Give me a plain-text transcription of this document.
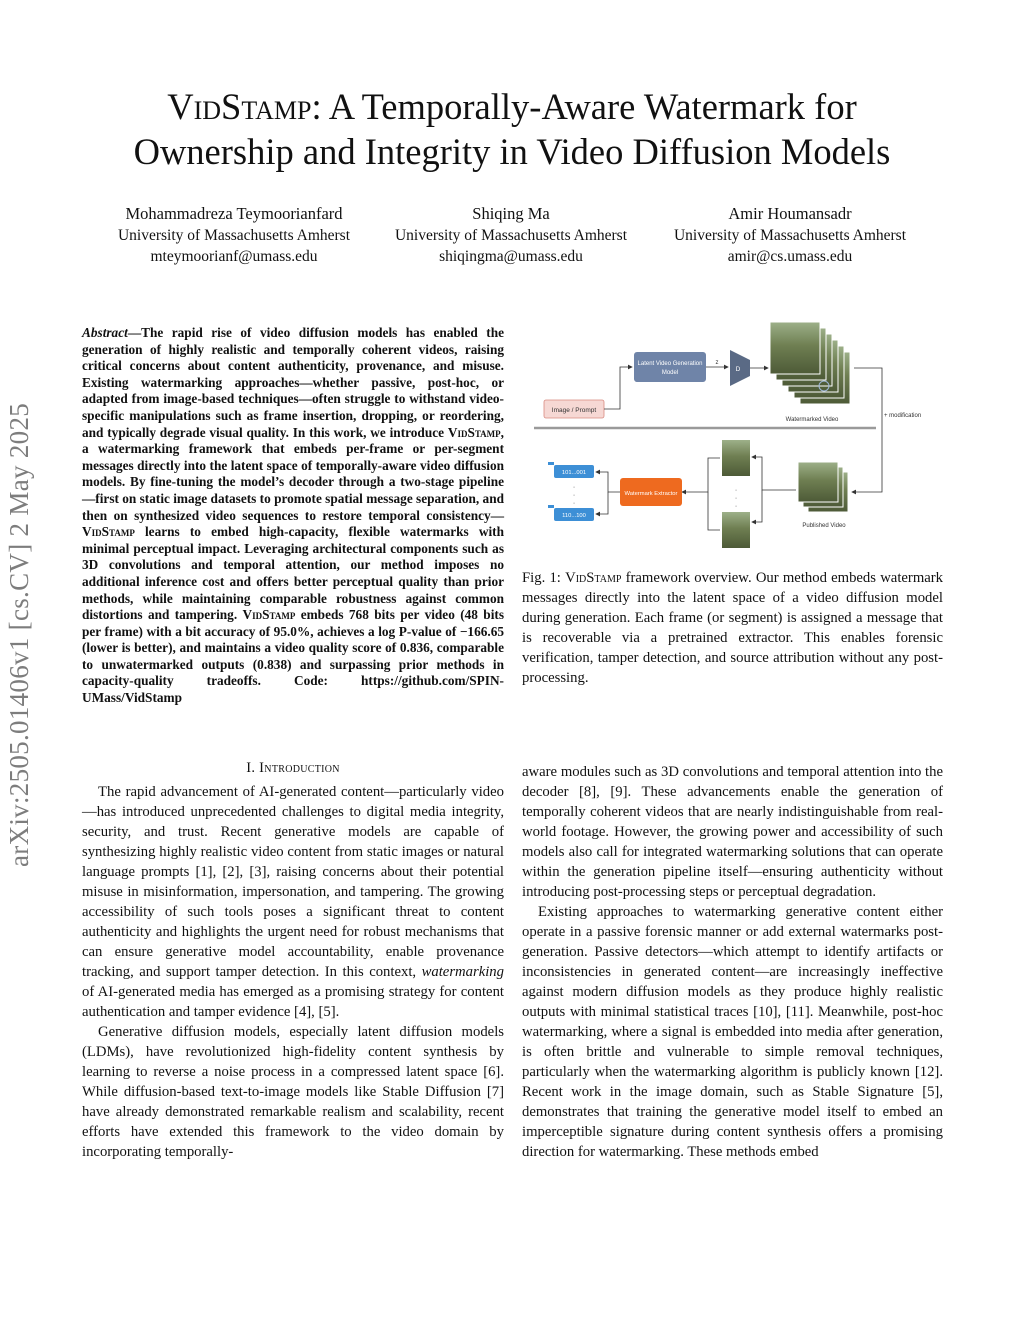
arXiv:2505.01406v1 [cs.CV] 2 May 2025
VidStamp: A Temporally-Aware Watermark for
Ownership and Integrity in Video Diffusion Models
Mohammadreza Teymoorianfard
University of Massachusetts Amherst
mteymoorianf@umass.edu
Shiqing Ma
University of Massachusetts Amherst
shiqingma@umass.edu
Amir Houmansadr
University of Massachusetts Amherst
amir@cs.umass.edu
Abstract—The rapid rise of video diffusion models has enabled the generation of highly realistic and temporally coherent videos, raising critical concerns about content authenticity, provenance, and misuse. Existing watermarking approaches—whether passive, post-hoc, or adapted from image-based techniques—often struggle to withstand video-specific manipulations such as frame insertion, dropping, or reordering, and typically degrade visual quality. In this work, we introduce VidStamp, a watermarking framework that embeds per-frame or per-segment messages directly into the latent space of temporally-aware video diffusion models. By fine-tuning the model’s decoder through a two-stage pipeline—first on static image datasets to promote spatial message separation, and then on synthesized video sequences to restore temporal consistency—VidStamp learns to embed high-capacity, flexible watermarks with minimal perceptual impact. Leveraging architectural components such as 3D convolutions and temporal attention, our method imposes no additional inference cost and offers better perceptual quality than prior methods, while maintaining comparable robustness against common distortions and tampering. VidStamp embeds 768 bits per video (48 bits per frame) with a bit accuracy of 95.0%, achieves a log P-value of −166.65 (lower is better), and maintains a video quality score of 0.836, comparable to unwatermarked outputs (0.838) and surpassing prior methods in capacity-quality tradeoffs. Code: https://github.com/SPIN-UMass/VidStamp
I. Introduction

The rapid advancement of AI-generated content—particularly video—has introduced unprecedented challenges to digital media integrity, security, and trust. Recent generative models are capable of synthesizing highly realistic video content from static images or natural language prompts [1], [2], [3], raising concerns about their potential misuse in misinformation, impersonation, and tampering. The growing accessibility of such tools poses a significant threat to content authenticity and highlights the urgent need for robust mechanisms that can ensure generative model accountability, enable provenance tracking, and support tamper detection. In this context, watermarking of AI-generated media has emerged as a promising strategy for content authentication and tamper evidence [4], [5].

Generative diffusion models, especially latent diffusion models (LDMs), have revolutionized high-fidelity content synthesis by learning to reverse a noise process in a compressed latent space [6]. While diffusion-based text-to-image models like Stable Diffusion [7] have already demonstrated remarkable realism and scalability, recent efforts have extended this framework to the video domain by incorporating temporally-

aware modules such as 3D convolutions and temporal attention into the decoder [8], [9]. These advancements enable the generation of temporally coherent videos that are nearly indistinguishable from real-world footage. However, the growing power and accessibility of such models also call for integrated watermarking solutions that can operate within the generation pipeline itself—ensuring authenticity without introducing post-processing steps or perceptual degradation.

Existing approaches to watermarking generative content either operate in a passive forensic manner or add external watermarks post-generation. Passive detectors—which attempt to identify artifacts or inconsistencies in generated content—are increasingly ineffective against modern diffusion models as they produce highly realistic outputs with minimal statistical traces [10], [11]. Meanwhile, post-hoc watermarking, where a signal is embedded into media after generation, is often brittle and vulnerable to simple removal techniques, particularly when the watermarking algorithm is publicly known [12]. Recent work in the image domain, such as Stable Signature [5], demonstrates that training the generative model itself to embed an imperceptible signature during content synthesis offers a promising direction for watermarking. These methods embed

Image / Prompt
Latent Video Generation
Model
z
D
Watermarked Video
+ modification
Published Video
·
·
·
Watermark Extractor
101...001
·
·
·
110...100
Fig. 1: VidStamp framework overview. Our method embeds watermark messages directly into the latent space of a video diffusion model during generation. Each frame (or segment) is assigned a message that is recoverable via a pretrained extractor. This enables forensic verification, tamper detection, and source attribution without any post-processing.
